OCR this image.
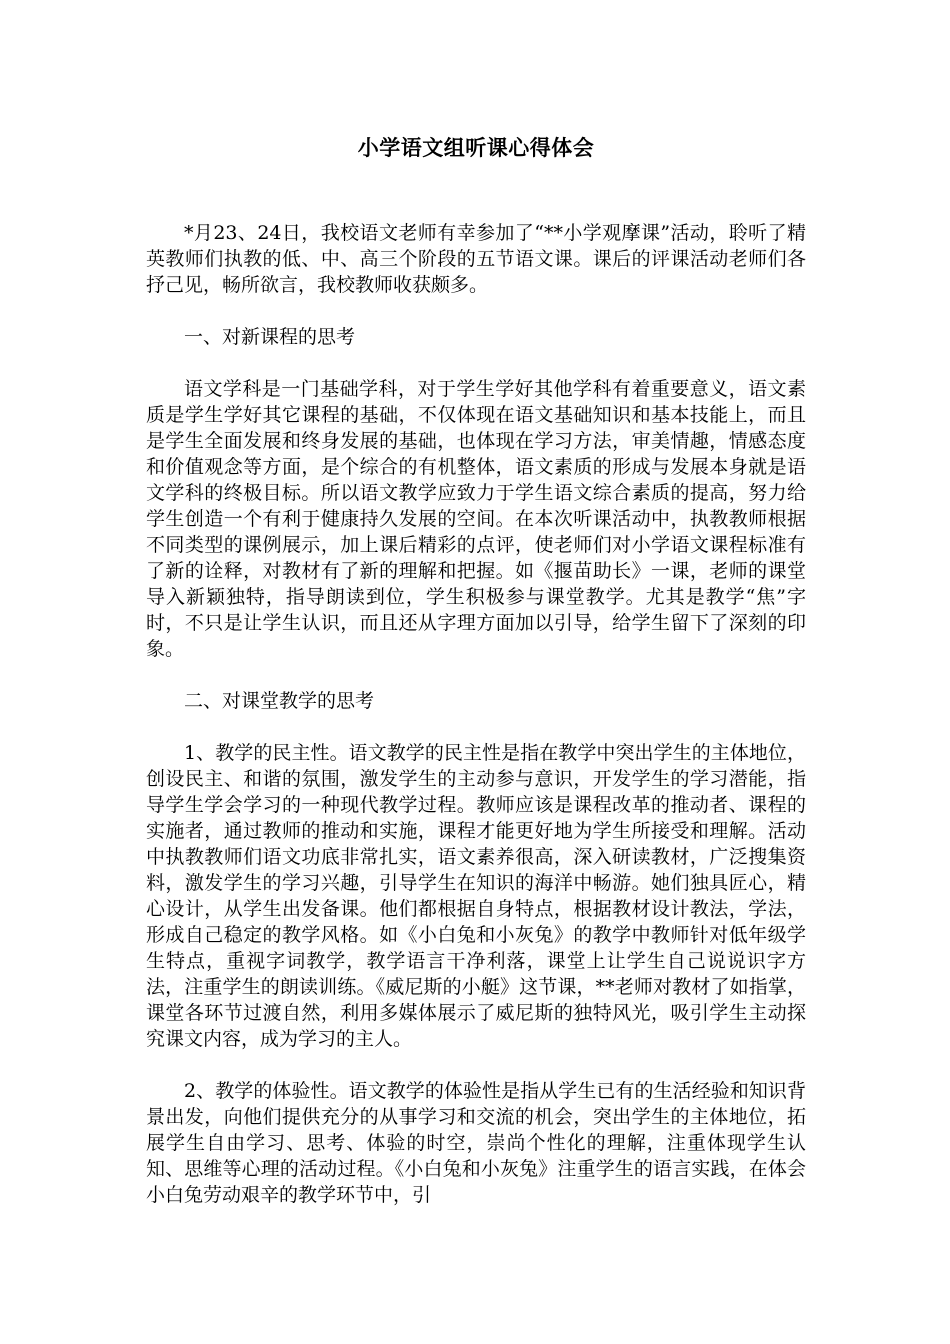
小学语文组听课心得体会

*月23、24日，我校语文老师有幸参加了“**小学观摩课”活动，聆听了精英教师们执教的低、中、高三个阶段的五节语文课。课后的评课活动老师们各抒己见，畅所欲言，我校教师收获颇多。

一、对新课程的思考

语文学科是一门基础学科，对于学生学好其他学科有着重要意义，语文素质是学生学好其它课程的基础，不仅体现在语文基础知识和基本技能上，而且是学生全面发展和终身发展的基础，也体现在学习方法，审美情趣，情感态度和价值观念等方面，是个综合的有机整体，语文素质的形成与发展本身就是语文学科的终极目标。所以语文教学应致力于学生语文综合素质的提高，努力给学生创造一个有利于健康持久发展的空间。在本次听课活动中，执教教师根据不同类型的课例展示，加上课后精彩的点评，使老师们对小学语文课程标准有了新的诠释，对教材有了新的理解和把握。如《揠苗助长》一课，老师的课堂导入新颖独特，指导朗读到位，学生积极参与课堂教学。尤其是教学“焦”字时，不只是让学生认识，而且还从字理方面加以引导，给学生留下了深刻的印象。

二、对课堂教学的思考

1、教学的民主性。语文教学的民主性是指在教学中突出学生的主体地位，创设民主、和谐的氛围，激发学生的主动参与意识，开发学生的学习潜能，指导学生学会学习的一种现代教学过程。教师应该是课程改革的推动者、课程的实施者，通过教师的推动和实施，课程才能更好地为学生所接受和理解。活动中执教教师们语文功底非常扎实，语文素养很高，深入研读教材，广泛搜集资料，激发学生的学习兴趣，引导学生在知识的海洋中畅游。她们独具匠心，精心设计，从学生出发备课。他们都根据自身特点，根据教材设计教法，学法，形成自己稳定的教学风格。如《小白兔和小灰兔》的教学中教师针对低年级学生特点，重视字词教学，教学语言干净利落，课堂上让学生自己说说识字方法，注重学生的朗读训练。《威尼斯的小艇》这节课，**老师对教材了如指掌，课堂各环节过渡自然，利用多媒体展示了威尼斯的独特风光，吸引学生主动探究课文内容，成为学习的主人。

2、教学的体验性。语文教学的体验性是指从学生已有的生活经验和知识背景出发，向他们提供充分的从事学习和交流的机会，突出学生的主体地位，拓展学生自由学习、思考、体验的时空，崇尚个性化的理解，注重体现学生认知、思维等心理的活动过程。《小白兔和小灰兔》注重学生的语言实践，在体会小白兔劳动艰辛的教学环节中，引
